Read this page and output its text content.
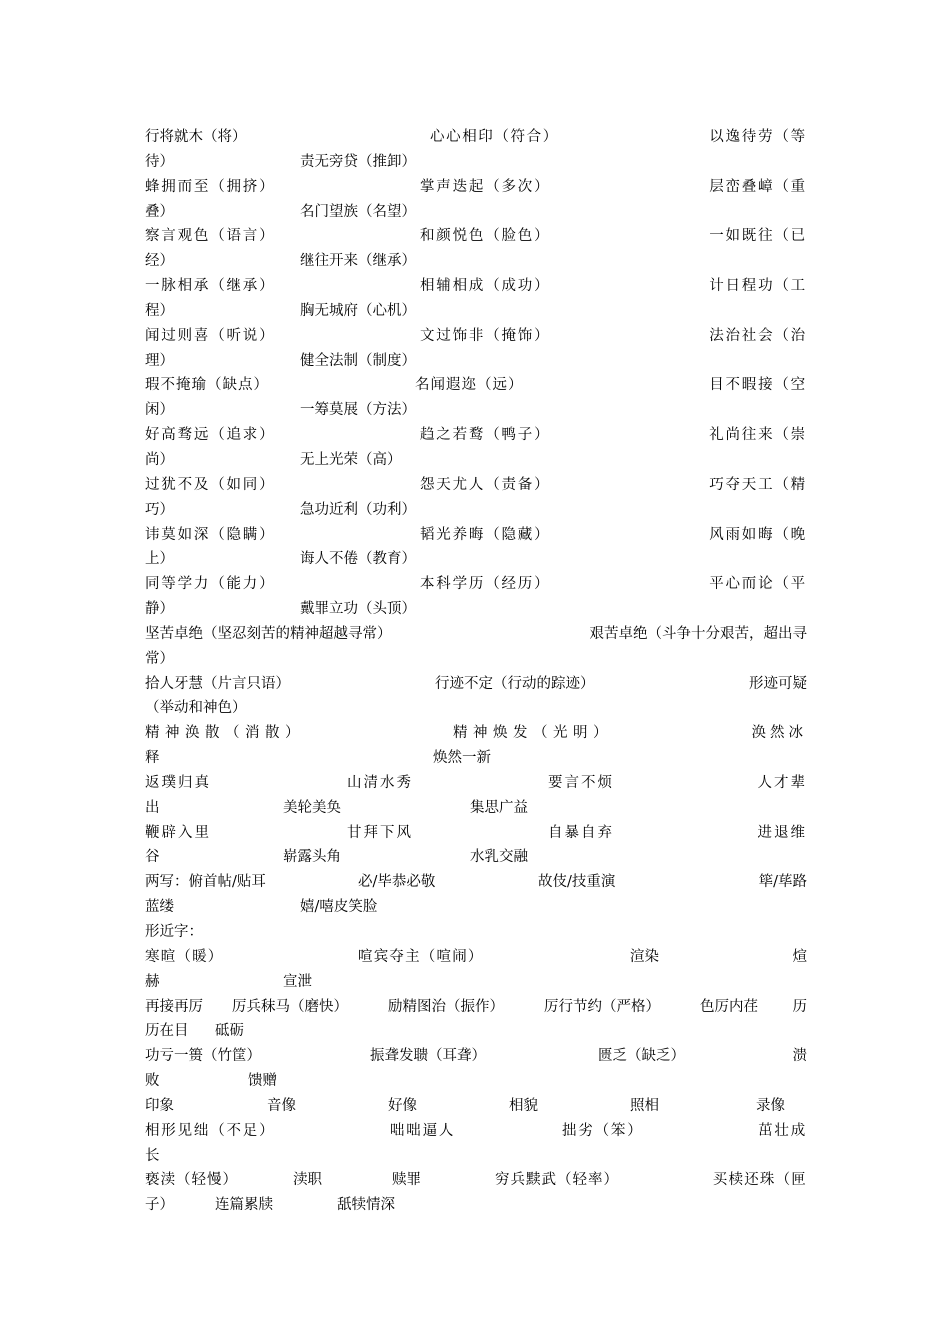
行将就木（将）	心心相印（符合）	以逸待劳（等
待）	责无旁贷（推卸）
蜂拥而至（拥挤）	掌声迭起（多次）	层峦叠嶂（重
叠）	名门望族（名望）
察言观色（语言）	和颜悦色（脸色）	一如既往（已
经）	继往开来（继承）
一脉相承（继承）	相辅相成（成功）	计日程功（工
程）	胸无城府（心机）
闻过则喜（听说）	文过饰非（掩饰）	法治社会（治
理）	健全法制（制度）
瑕不掩瑜（缺点）	名闻遐迩（远）	目不暇接（空
闲）	一筹莫展（方法）
好高骛远（追求）	趋之若鹜（鸭子）	礼尚往来（崇
尚）	无上光荣（高）
过犹不及（如同）	怨天尤人（责备）	巧夺天工（精
巧）	急功近利（功利）
讳莫如深（隐瞒）	韬光养晦（隐藏）	风雨如晦（晚
上）	诲人不倦（教育）
同等学力（能力）	本科学历（经历）	平心而论（平
静）	戴罪立功（头顶）
坚苦卓绝（坚忍刻苦的精神超越寻常）	艰苦卓绝（斗争十分艰苦，超出寻
常）
拾人牙慧（片言只语）	行迹不定（行动的踪迹）	形迹可疑
（举动和神色）
精神涣散（消散）	精神焕发（光明）	涣然冰
释	焕然一新
返璞归真	山清水秀	要言不烦	人才辈
出	美轮美奂	集思广益
鞭辟入里	甘拜下风	自暴自弃	进退维
谷	崭露头角	水乳交融
两写：俯首帖/贴耳	必/毕恭必敬	故伎/技重演	筚/荜路
蓝缕	嬉/嘻皮笑脸
形近字：
寒暄（暖）	喧宾夺主（喧闹）	渲染	煊
赫	宣泄
再接再厉 厉兵秣马（磨快）	励精图治（振作）	厉行节约（严格）	色厉内荏 历
历在目 砥砺
功亏一篑（竹筐）	振聋发聩（耳聋）	匮乏（缺乏）	溃
败	馈赠
印象	音像	好像	相貌	照相	录像
相形见绌（不足）	咄咄逼人	拙劣（笨）	茁壮成
长
亵渎（轻慢）	渎职	赎罪	穷兵黩武（轻率）	买椟还珠（匣
子）	连篇累牍	舐犊情深
